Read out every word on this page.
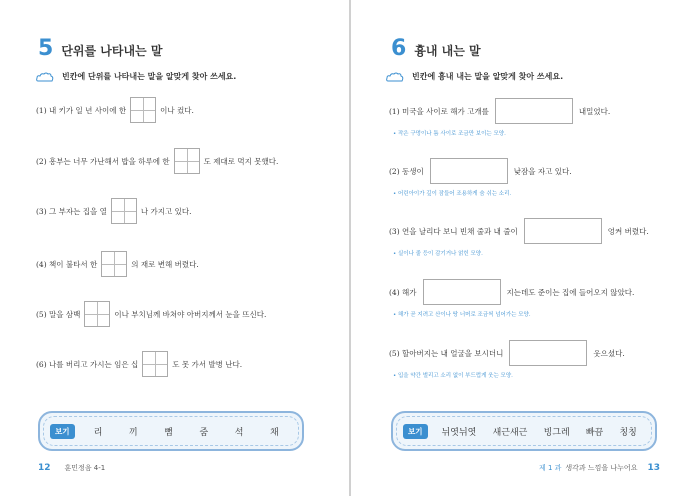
5 단위를 나타내는 말
빈칸에 단위를 나타내는 말을 알맞게 찾아 쓰세요.
(1) 내 키가 일 년 사이에 한	이나 컸다.
(2) 흥부는 너무 가난해서 밥을 하루에 한	도 제대로 먹지 못했다.
(3) 그 부자는 집을 열	나 가지고 있다.
(4) 책이 불타서 한	의 재로 변해 버렸다.
(5) 말을 삼백	이나 부치님께 바쳐야 아버지께서 눈을 뜨신다.
(6) 나를 버리고 가시는 임은 십	도 못 가서 발병 난다.
보기	리	끼	뼘	줌	석	채
12 훈민정음 4-1
6 흉내 내는 말
빈칸에 흉내 내는 말을 알맞게 찾아 쓰세요.
(1) 미국을 사이로 해가 고개를	내밀었다.
• 작은 구멍이나 틈 사이로 조금만 보이는 모양.
(2) 동생이	낮잠을 자고 있다.
• 어린아이가 깊이 잠들어 조용하게 숨 쉬는 소리.
(3) 연을 날리다 보니 빈채 줄과 내 줄이	엉켜 버렸다.
• 실이나 줄 등이 감기거나 얽힌 모양.
(4) 해가	지는데도 준이는 집에 들어오지 않았다.
• 해가 곧 지려고 산이나 땅 너머로 조금씩 넘어가는 모양.
(5) 할아버지는 내 얼굴을 보시더니	웃으셨다.
• 입을 약간 벌리고 소리 없이 부드럽게 웃는 모양.
보기	뉘엿뉘엿 새근새근 빙그레 빠끔 칭칭
제 1 과 생각과 느낌을 나누어요 13
